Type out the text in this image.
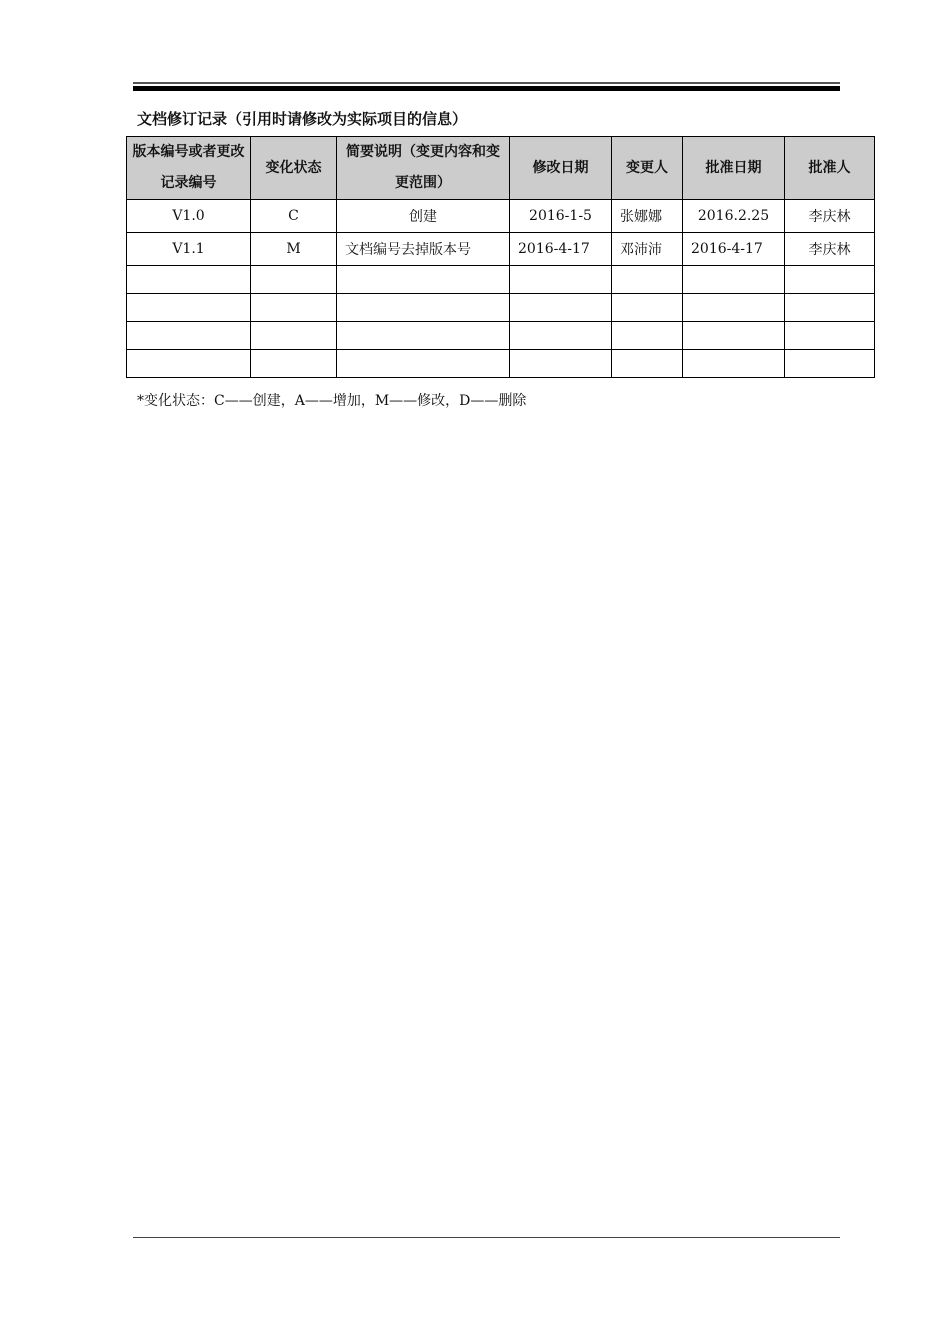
文档修订记录（引用时请修改为实际项目的信息）
版本编号或者更改记录编号	变化状态	简要说明（变更内容和变更范围）	修改日期	变更人	批准日期	批准人
V1.0	C	创建	2016-1-5	张娜娜	2016.2.25	李庆林
V1.1	M	文档编号去掉版本号	2016-4-17	邓沛沛	2016-4-17	李庆林

*变化状态：C——创建，A——增加，M——修改，D——删除
